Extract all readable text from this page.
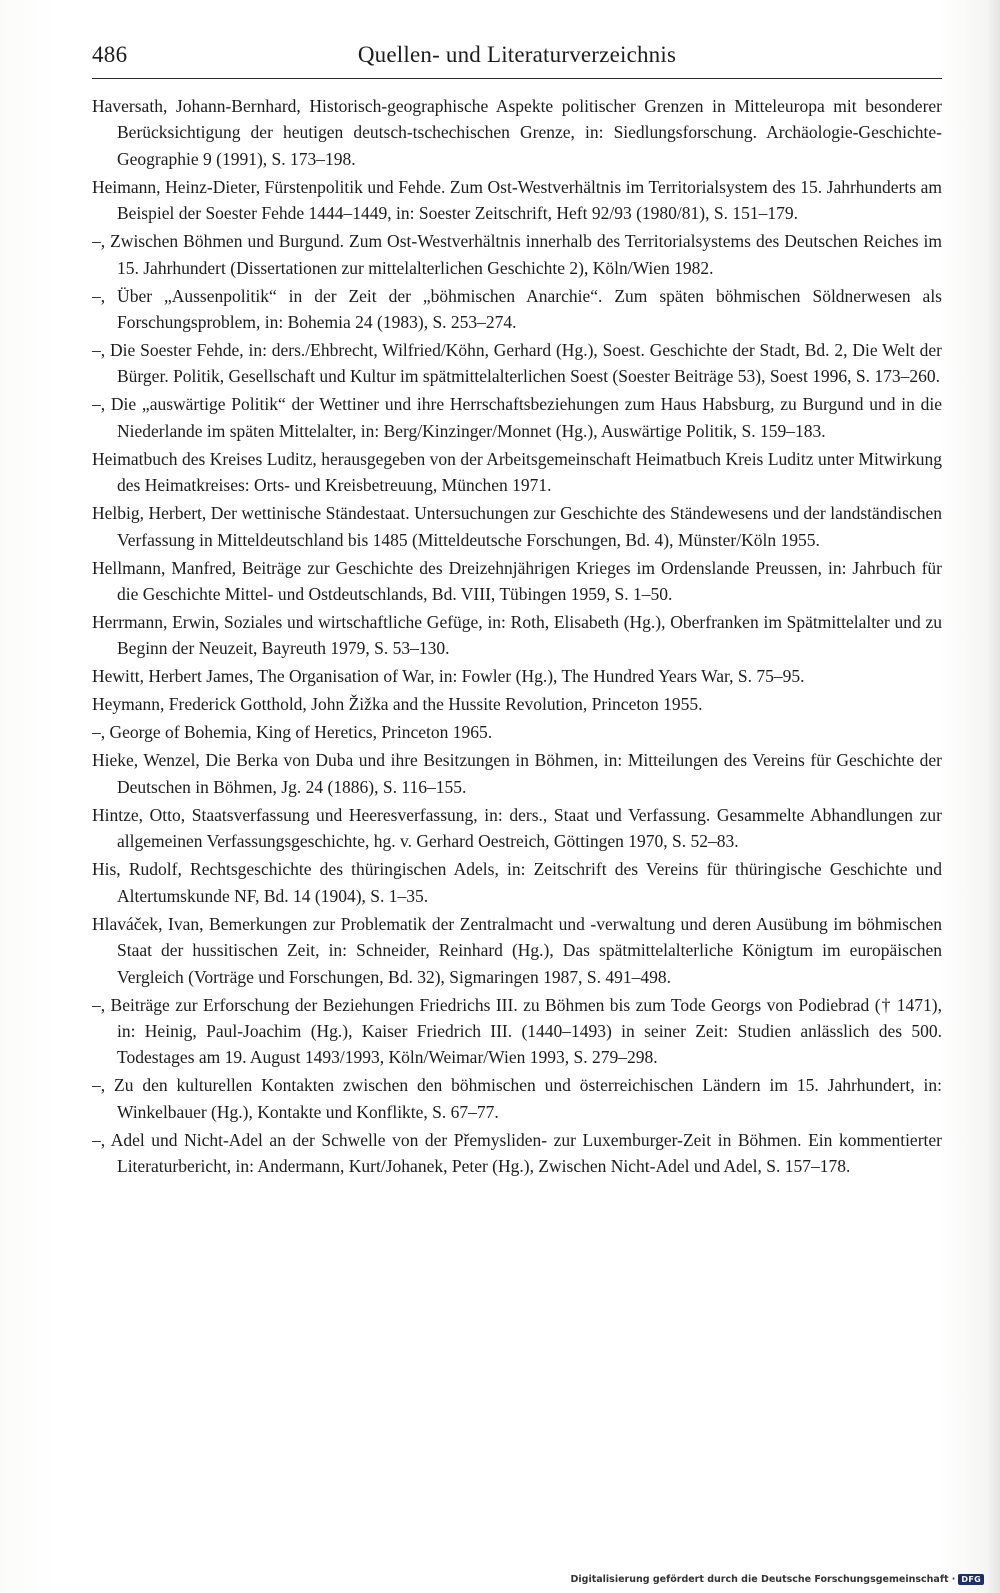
486	Quellen- und Literaturverzeichnis
Haversath, Johann-Bernhard, Historisch-geographische Aspekte politischer Grenzen in Mitteleuropa mit besonderer Berücksichtigung der heutigen deutsch-tschechischen Grenze, in: Siedlungsforschung. Archäologie-Geschichte-Geographie 9 (1991), S. 173–198.
Heimann, Heinz-Dieter, Fürstenpolitik und Fehde. Zum Ost-Westverhältnis im Territorialsystem des 15. Jahrhunderts am Beispiel der Soester Fehde 1444–1449, in: Soester Zeitschrift, Heft 92/93 (1980/81), S. 151–179.
–, Zwischen Böhmen und Burgund. Zum Ost-Westverhältnis innerhalb des Territorialsystems des Deutschen Reiches im 15. Jahrhundert (Dissertationen zur mittelalterlichen Geschichte 2), Köln/Wien 1982.
–, Über „Aussenpolitik“ in der Zeit der „böhmischen Anarchie“. Zum späten böhmischen Söldnerwesen als Forschungsproblem, in: Bohemia 24 (1983), S. 253–274.
–, Die Soester Fehde, in: ders./Ehbrecht, Wilfried/Köhn, Gerhard (Hg.), Soest. Geschichte der Stadt, Bd. 2, Die Welt der Bürger. Politik, Gesellschaft und Kultur im spätmittelalterlichen Soest (Soester Beiträge 53), Soest 1996, S. 173–260.
–, Die „auswärtige Politik“ der Wettiner und ihre Herrschaftsbeziehungen zum Haus Habsburg, zu Burgund und in die Niederlande im späten Mittelalter, in: Berg/Kinzinger/Monnet (Hg.), Auswärtige Politik, S. 159–183.
Heimatbuch des Kreises Luditz, herausgegeben von der Arbeitsgemeinschaft Heimatbuch Kreis Luditz unter Mitwirkung des Heimatkreises: Orts- und Kreisbetreuung, München 1971.
Helbig, Herbert, Der wettinische Ständestaat. Untersuchungen zur Geschichte des Ständewesens und der landständischen Verfassung in Mitteldeutschland bis 1485 (Mitteldeutsche Forschungen, Bd. 4), Münster/Köln 1955.
Hellmann, Manfred, Beiträge zur Geschichte des Dreizehnjährigen Krieges im Ordenslande Preussen, in: Jahrbuch für die Geschichte Mittel- und Ostdeutschlands, Bd. VIII, Tübingen 1959, S. 1–50.
Herrmann, Erwin, Soziales und wirtschaftliche Gefüge, in: Roth, Elisabeth (Hg.), Oberfranken im Spätmittelalter und zu Beginn der Neuzeit, Bayreuth 1979, S. 53–130.
Hewitt, Herbert James, The Organisation of War, in: Fowler (Hg.), The Hundred Years War, S. 75–95.
Heymann, Frederick Gotthold, John Žižka and the Hussite Revolution, Princeton 1955.
–, George of Bohemia, King of Heretics, Princeton 1965.
Hieke, Wenzel, Die Berka von Duba und ihre Besitzungen in Böhmen, in: Mitteilungen des Vereins für Geschichte der Deutschen in Böhmen, Jg. 24 (1886), S. 116–155.
Hintze, Otto, Staatsverfassung und Heeresverfassung, in: ders., Staat und Verfassung. Gesammelte Abhandlungen zur allgemeinen Verfassungsgeschichte, hg. v. Gerhard Oestreich, Göttingen 1970, S. 52–83.
His, Rudolf, Rechtsgeschichte des thüringischen Adels, in: Zeitschrift des Vereins für thüringische Geschichte und Altertumskunde NF, Bd. 14 (1904), S. 1–35.
Hlaváček, Ivan, Bemerkungen zur Problematik der Zentralmacht und -verwaltung und deren Ausübung im böhmischen Staat der hussitischen Zeit, in: Schneider, Reinhard (Hg.), Das spätmittelalterliche Königtum im europäischen Vergleich (Vorträge und Forschungen, Bd. 32), Sigmaringen 1987, S. 491–498.
–, Beiträge zur Erforschung der Beziehungen Friedrichs III. zu Böhmen bis zum Tode Georgs von Podiebrad († 1471), in: Heinig, Paul-Joachim (Hg.), Kaiser Friedrich III. (1440–1493) in seiner Zeit: Studien anlässlich des 500. Todestages am 19. August 1493/1993, Köln/Weimar/Wien 1993, S. 279–298.
–, Zu den kulturellen Kontakten zwischen den böhmischen und österreichischen Ländern im 15. Jahrhundert, in: Winkelbauer (Hg.), Kontakte und Konflikte, S. 67–77.
–, Adel und Nicht-Adel an der Schwelle von der Přemysliden- zur Luxemburger-Zeit in Böhmen. Ein kommentierter Literaturbericht, in: Andermann, Kurt/Johanek, Peter (Hg.), Zwischen Nicht-Adel und Adel, S. 157–178.
Digitalisierung gefördert durch die Deutsche Forschungsgemeinschaft · DFG
